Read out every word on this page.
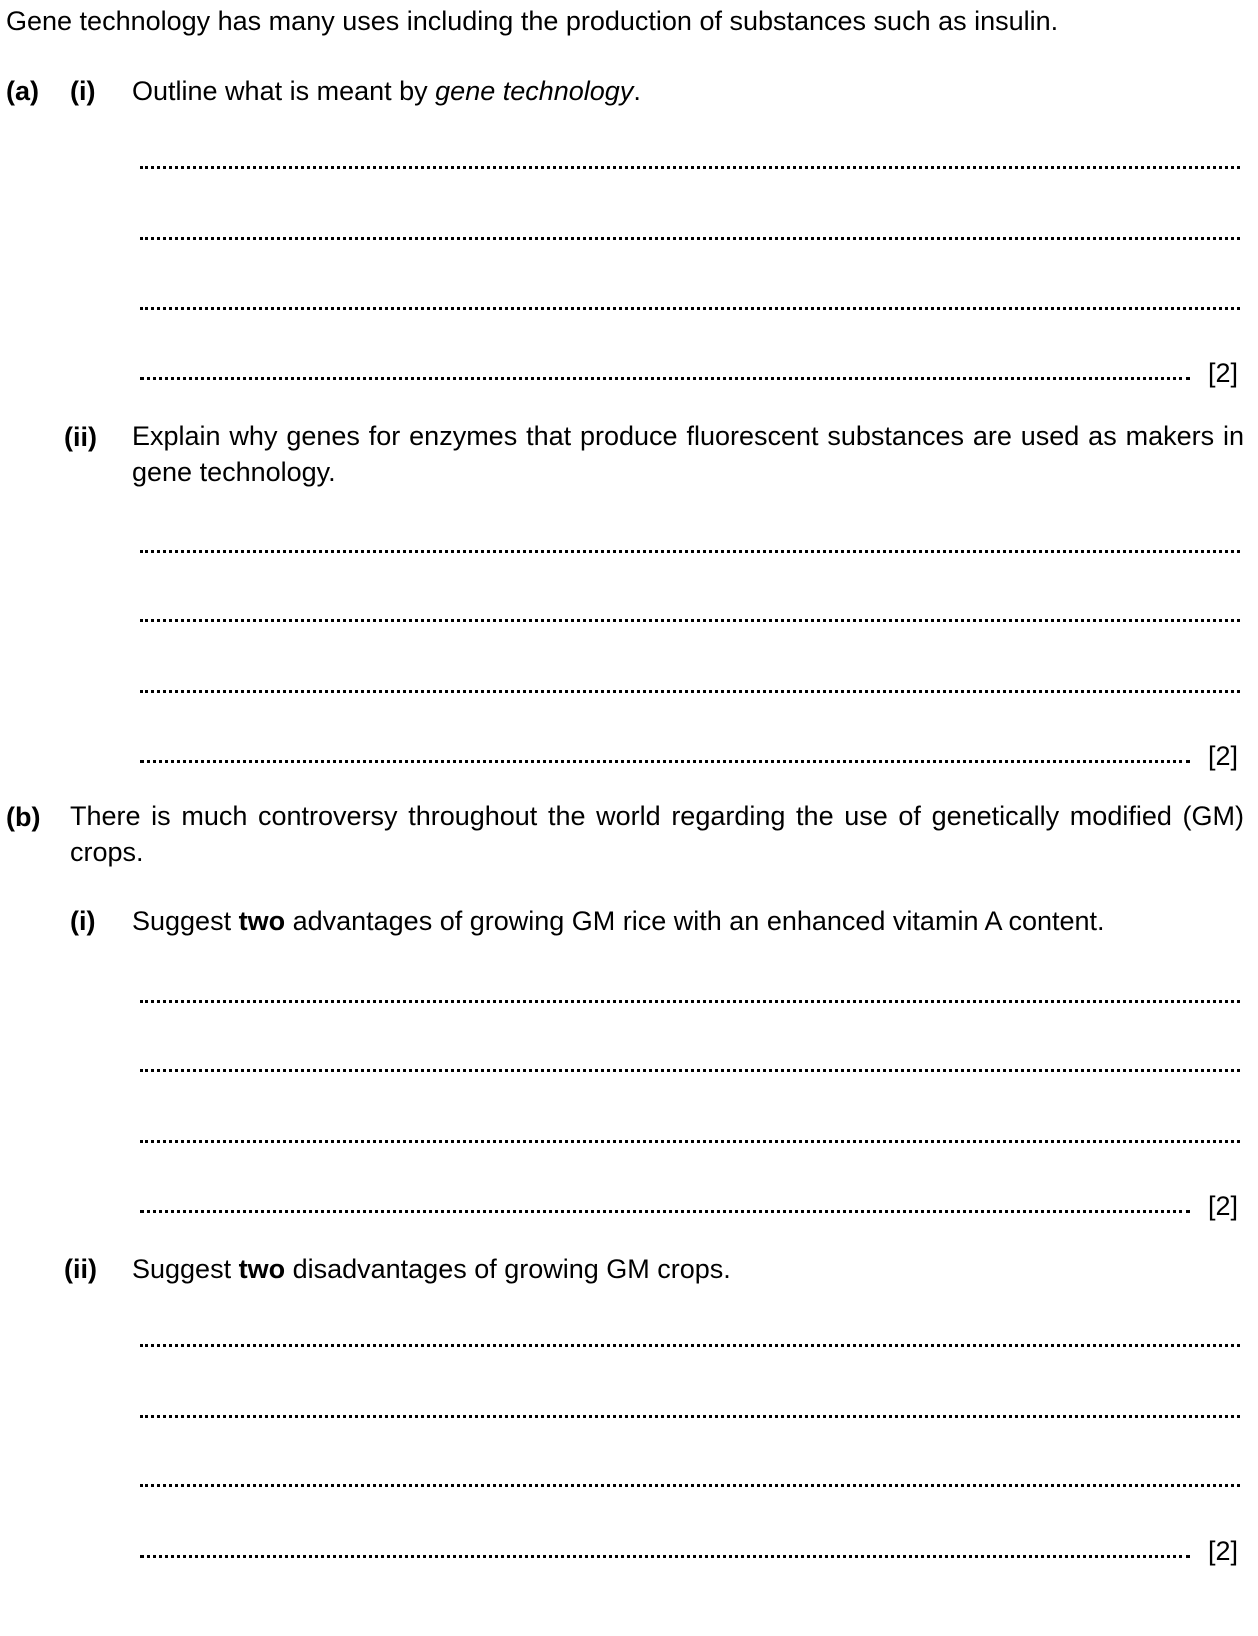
Gene technology has many uses including the production of substances such as insulin.
(a) (i) Outline what is meant by gene technology.
[2]
(ii) Explain why genes for enzymes that produce fluorescent substances are used as makers in gene technology.
[2]
(b) There is much controversy throughout the world regarding the use of genetically modified (GM) crops.
(i) Suggest two advantages of growing GM rice with an enhanced vitamin A content.
[2]
(ii) Suggest two disadvantages of growing GM crops.
[2]
